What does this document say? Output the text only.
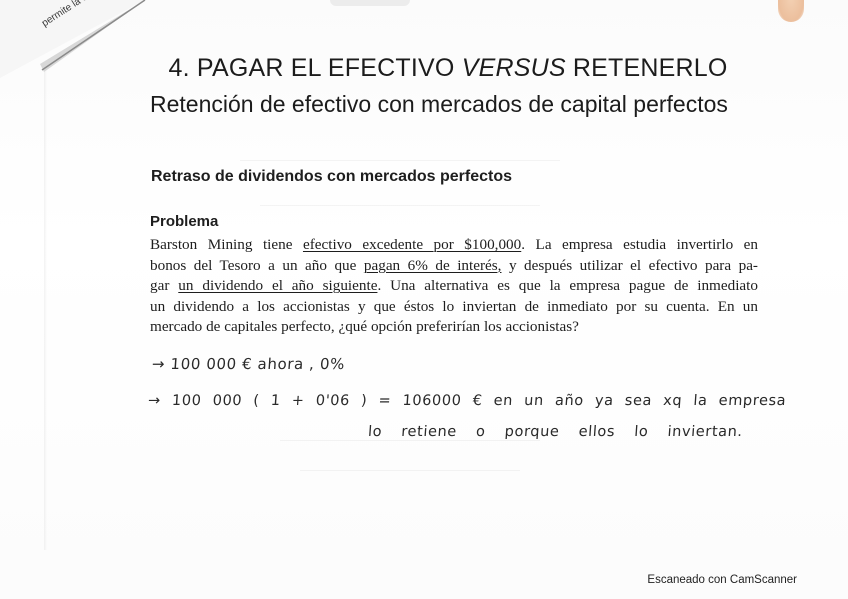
4. PAGAR EL EFECTIVO VERSUS RETENERLO
Retención de efectivo con mercados de capital perfectos
Retraso de dividendos con mercados perfectos
Problema
Barston Mining tiene efectivo excedente por $100,000. La empresa estudia invertirlo en
bonos del Tesoro a un año que pagan 6% de interés, y después utilizar el efectivo para pa-
gar un dividendo el año siguiente. Una alternativa es que la empresa pague de inmediato
un dividendo a los accionistas y que éstos lo inviertan de inmediato por su cuenta. En un
mercado de capitales perfecto, ¿qué opción preferirían los accionistas?
→ 100 000 € ahora , 0%
→ 100 000 ( 1 + 0'06 ) = 106000 € en un año ya sea xq la empresa
lo retiene o porque ellos lo inviertan.
Escaneado con CamScanner
